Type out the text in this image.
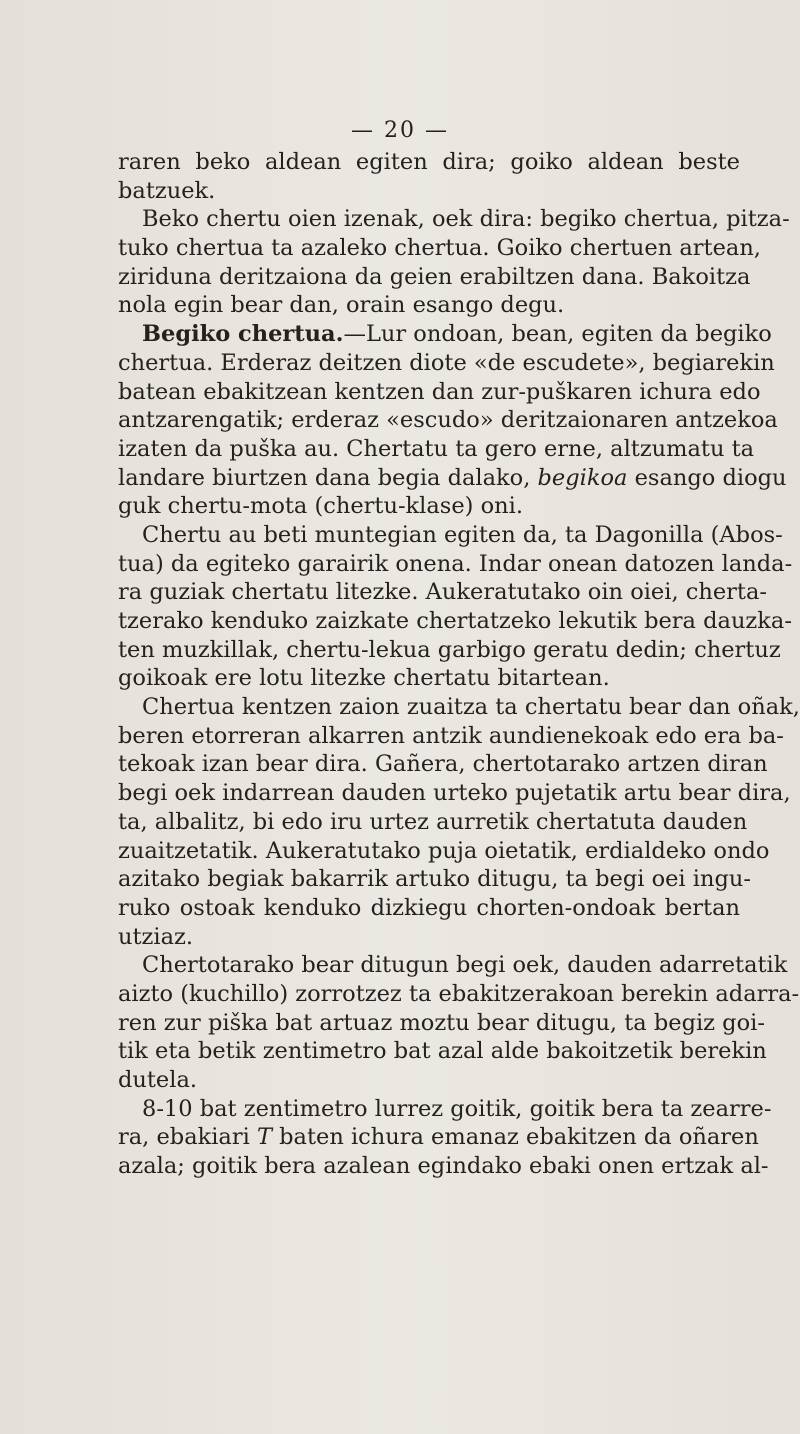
— 20 —
raren beko aldean egiten dira; goiko aldean beste
batzuek.
Beko chertu oien izenak, oek dira: begiko chertua, pitza-
tuko chertua ta azaleko chertua. Goiko chertuen artean,
ziriduna deritzaiona da geien erabiltzen dana. Bakoitza
nola egin bear dan, orain esango degu.
Begiko chertua.—Lur ondoan, bean, egiten da begiko
chertua. Erderaz deitzen diote «de escudete», begiarekin
batean ebakitzean kentzen dan zur-puškaren ichura edo
antzarengatik; erderaz «escudo» deritzaionaren antzekoa
izaten da puška au. Chertatu ta gero erne, altzumatu ta
landare biurtzen dana begia dalako, begikoa esango diogu
guk chertu-mota (chertu-klase) oni.
Chertu au beti muntegian egiten da, ta Dagonilla (Abos-
tua) da egiteko garairik onena. Indar onean datozen landa-
ra guziak chertatu litezke. Aukeratutako oin oiei, cherta-
tzerako kenduko zaizkate chertatzeko lekutik bera dauzka-
ten muzkillak, chertu-lekua garbigo geratu dedin; chertuz
goikoak ere lotu litezke chertatu bitartean.
Chertua kentzen zaion zuaitza ta chertatu bear dan oñak,
beren etorreran alkarren antzik aundienekoak edo era ba-
tekoak izan bear dira. Gañera, chertotarako artzen diran
begi oek indarrean dauden urteko pujetatik artu bear dira,
ta, albalitz, bi edo iru urtez aurretik chertatuta dauden
zuaitzetatik. Aukeratutako puja oietatik, erdialdeko ondo
azitako begiak bakarrik artuko ditugu, ta begi oei ingu-
ruko ostoak kenduko dizkiegu chorten-ondoak bertan
utziaz.
Chertotarako bear ditugun begi oek, dauden adarretatik
aizto (kuchillo) zorrotzez ta ebakitzerakoan berekin adarra-
ren zur piška bat artuaz moztu bear ditugu, ta begiz goi-
tik eta betik zentimetro bat azal alde bakoitzetik berekin
dutela.
8-10 bat zentimetro lurrez goitik, goitik bera ta zearre-
ra, ebakiari T baten ichura emanaz ebakitzen da oñaren
azala; goitik bera azalean egindako ebaki onen ertzak al-
